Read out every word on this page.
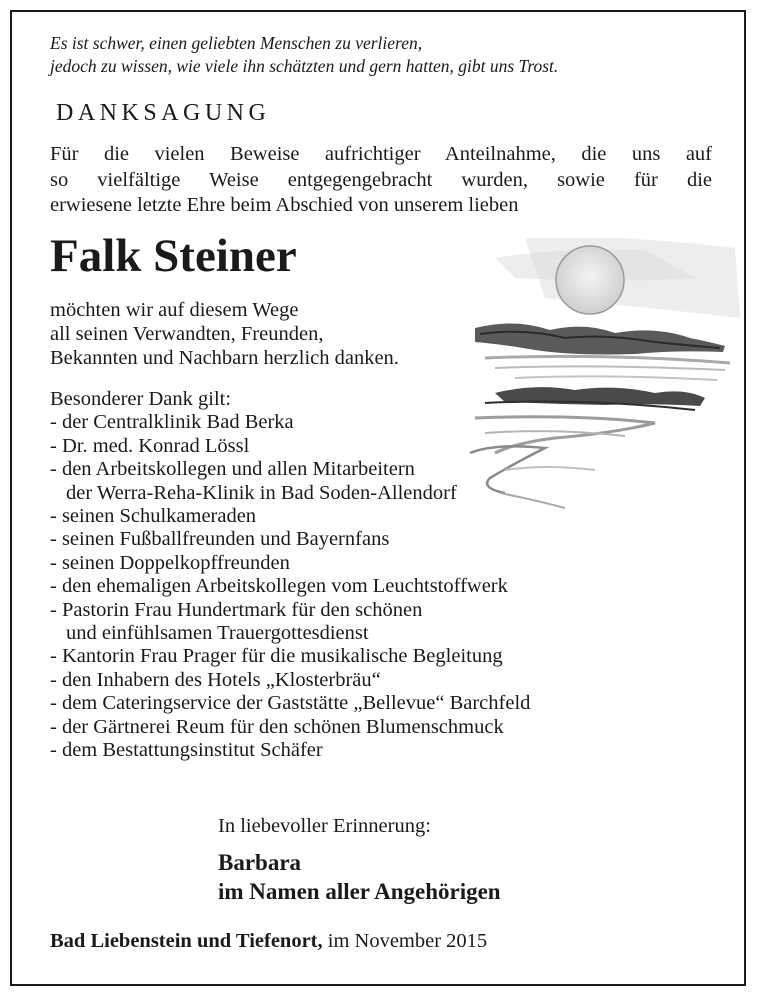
Es ist schwer, einen geliebten Menschen zu verlieren,
jedoch zu wissen, wie viele ihn schätzten und gern hatten, gibt uns Trost.
DANKSAGUNG
Für die vielen Beweise aufrichtiger Anteilnahme, die uns auf
so vielfältige Weise entgegengebracht wurden, sowie für die
erwiesene letzte Ehre beim Abschied von unserem lieben
Falk Steiner
möchten wir auf diesem Wege
all seinen Verwandten, Freunden,
Bekannten und Nachbarn herzlich danken.
Besonderer Dank gilt:
- der Centralklinik Bad Berka
- Dr. med. Konrad Lössl
- den Arbeitskollegen und allen Mitarbeitern
der Werra-Reha-Klinik in Bad Soden-Allendorf
- seinen Schulkameraden
- seinen Fußballfreunden und Bayernfans
- seinen Doppelkopffreunden
- den ehemaligen Arbeitskollegen vom Leuchtstoffwerk
- Pastorin Frau Hundertmark für den schönen
und einfühlsamen Trauergottesdienst
- Kantorin Frau Prager für die musikalische Begleitung
- den Inhabern des Hotels „Klosterbräu“
- dem Cateringservice der Gaststätte „Bellevue“ Barchfeld
- der Gärtnerei Reum für den schönen Blumenschmuck
- dem Bestattungsinstitut Schäfer
In liebevoller Erinnerung:
Barbara
im Namen aller Angehörigen
Bad Liebenstein und Tiefenort, im November 2015
